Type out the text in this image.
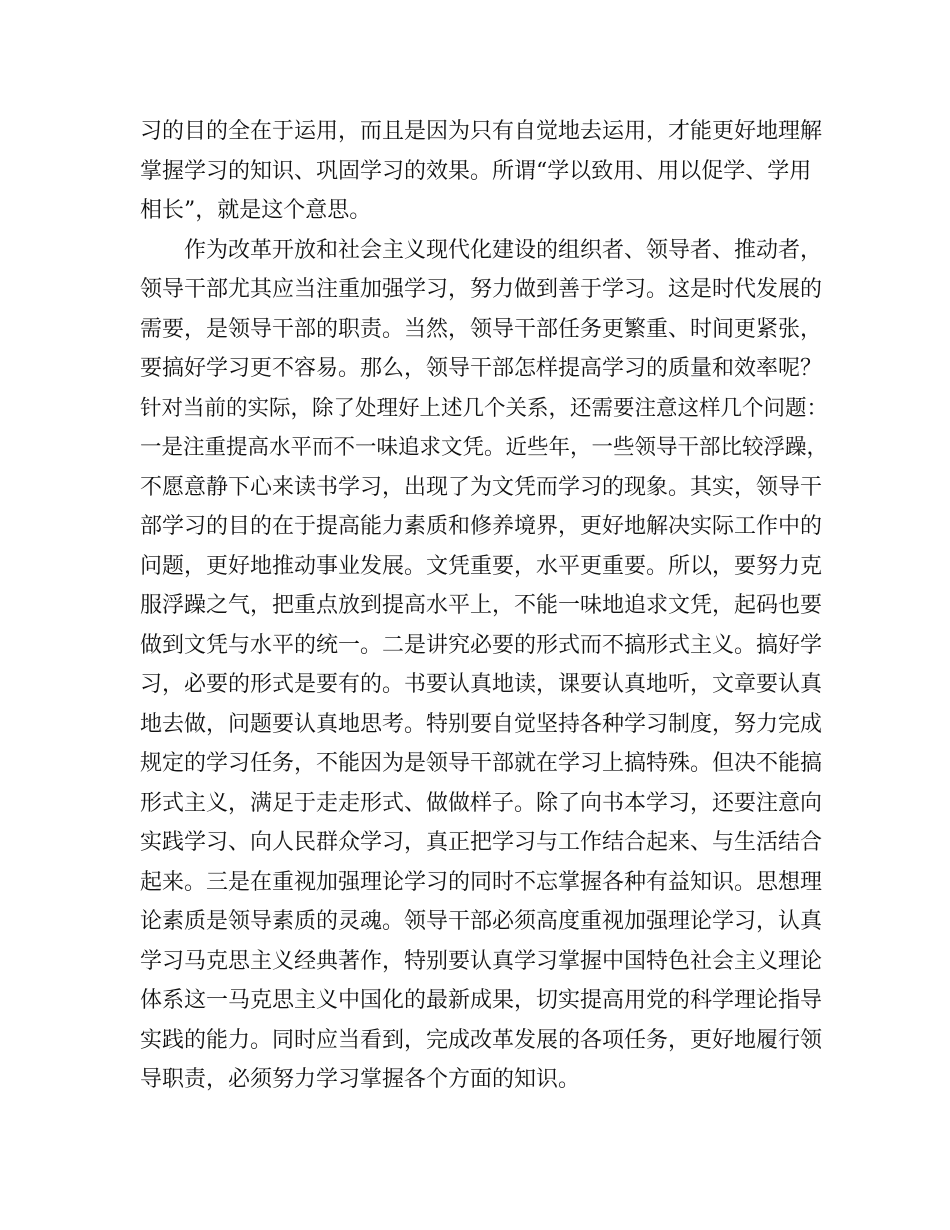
习的目的全在于运用，而且是因为只有自觉地去运用，才能更好地理解
掌握学习的知识、巩固学习的效果。所谓“学以致用、用以促学、学用
相长”，就是这个意思。
作为改革开放和社会主义现代化建设的组织者、领导者、推动者，
领导干部尤其应当注重加强学习，努力做到善于学习。这是时代发展的
需要，是领导干部的职责。当然，领导干部任务更繁重、时间更紧张，
要搞好学习更不容易。那么，领导干部怎样提高学习的质量和效率呢？
针对当前的实际，除了处理好上述几个关系，还需要注意这样几个问题：
一是注重提高水平而不一味追求文凭。近些年，一些领导干部比较浮躁，
不愿意静下心来读书学习，出现了为文凭而学习的现象。其实，领导干
部学习的目的在于提高能力素质和修养境界，更好地解决实际工作中的
问题，更好地推动事业发展。文凭重要，水平更重要。所以，要努力克
服浮躁之气，把重点放到提高水平上，不能一味地追求文凭，起码也要
做到文凭与水平的统一。二是讲究必要的形式而不搞形式主义。搞好学
习，必要的形式是要有的。书要认真地读，课要认真地听，文章要认真
地去做，问题要认真地思考。特别要自觉坚持各种学习制度，努力完成
规定的学习任务，不能因为是领导干部就在学习上搞特殊。但决不能搞
形式主义，满足于走走形式、做做样子。除了向书本学习，还要注意向
实践学习、向人民群众学习，真正把学习与工作结合起来、与生活结合
起来。三是在重视加强理论学习的同时不忘掌握各种有益知识。思想理
论素质是领导素质的灵魂。领导干部必须高度重视加强理论学习，认真
学习马克思主义经典著作，特别要认真学习掌握中国特色社会主义理论
体系这一马克思主义中国化的最新成果，切实提高用党的科学理论指导
实践的能力。同时应当看到，完成改革发展的各项任务，更好地履行领
导职责，必须努力学习掌握各个方面的知识。
